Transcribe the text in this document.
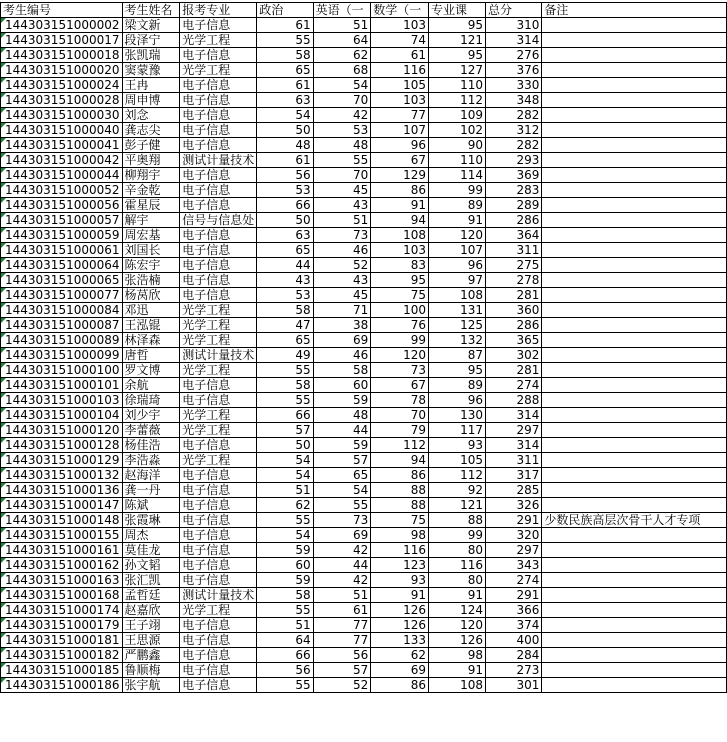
考生编号	考生姓名	报考专业	政治	英语（一	数学（一	专业课	总分	备注
144303151000002	梁文新	电子信息	61	51	103	95	310	
144303151000017	段泽宁	光学工程	55	64	74	121	314	
144303151000018	张凯瑞	电子信息	58	62	61	95	276	
144303151000020	窦蒙豫	光学工程	65	68	116	127	376	
144303151000024	王冉	电子信息	61	54	105	110	330	
144303151000028	周申博	电子信息	63	70	103	112	348	
144303151000030	刘念	电子信息	54	42	77	109	282	
144303151000040	龚志尖	电子信息	50	53	107	102	312	
144303151000041	彭子健	电子信息	48	48	96	90	282	
144303151000042	平奥翔	测试计量技术	61	55	67	110	293	
144303151000044	柳翔宇	电子信息	56	70	129	114	369	
144303151000052	辛金乾	电子信息	53	45	86	99	283	
144303151000056	霍星辰	电子信息	66	43	91	89	289	
144303151000057	解宇	信号与信息处	50	51	94	91	286	
144303151000059	周宏基	电子信息	63	73	108	120	364	
144303151000061	刘国长	电子信息	65	46	103	107	311	
144303151000064	陈宏宇	电子信息	44	52	83	96	275	
144303151000065	张浩楠	电子信息	43	43	95	97	278	
144303151000077	杨莴欣	电子信息	53	45	75	108	281	
144303151000084	邓迅	光学工程	58	71	100	131	360	
144303151000087	王泓锟	光学工程	47	38	76	125	286	
144303151000089	林泽森	光学工程	65	69	99	132	365	
144303151000099	唐哲	测试计量技术	49	46	120	87	302	
144303151000100	罗文博	光学工程	55	58	73	95	281	
144303151000101	余航	电子信息	58	60	67	89	274	
144303151000103	徐瑞琦	电子信息	55	59	78	96	288	
144303151000104	刘少宇	光学工程	66	48	70	130	314	
144303151000120	李蕾薇	光学工程	57	44	79	117	297	
144303151000128	杨佳浩	电子信息	50	59	112	93	314	
144303151000129	李浩淼	光学工程	54	57	94	105	311	
144303151000132	赵海洋	电子信息	54	65	86	112	317	
144303151000136	龚一丹	电子信息	51	54	88	92	285	
144303151000147	陈斌	电子信息	62	55	88	121	326	
144303151000148	张霞琳	电子信息	55	73	75	88	291	少数民族高层次骨干人才专项
144303151000155	周杰	电子信息	54	69	98	99	320	
144303151000161	莫佳龙	电子信息	59	42	116	80	297	
144303151000162	孙文韬	电子信息	60	44	123	116	343	
144303151000163	张汇凯	电子信息	59	42	93	80	274	
144303151000168	孟哲廷	测试计量技术	58	51	91	91	291	
144303151000174	赵嘉欣	光学工程	55	61	126	124	366	
144303151000179	王子翊	电子信息	51	77	126	120	374	
144303151000181	王思源	电子信息	64	77	133	126	400	
144303151000182	严鹏鑫	电子信息	66	56	62	98	284	
144303151000185	鲁顺梅	电子信息	56	57	69	91	273	
144303151000186	张宇航	电子信息	55	52	86	108	301	
